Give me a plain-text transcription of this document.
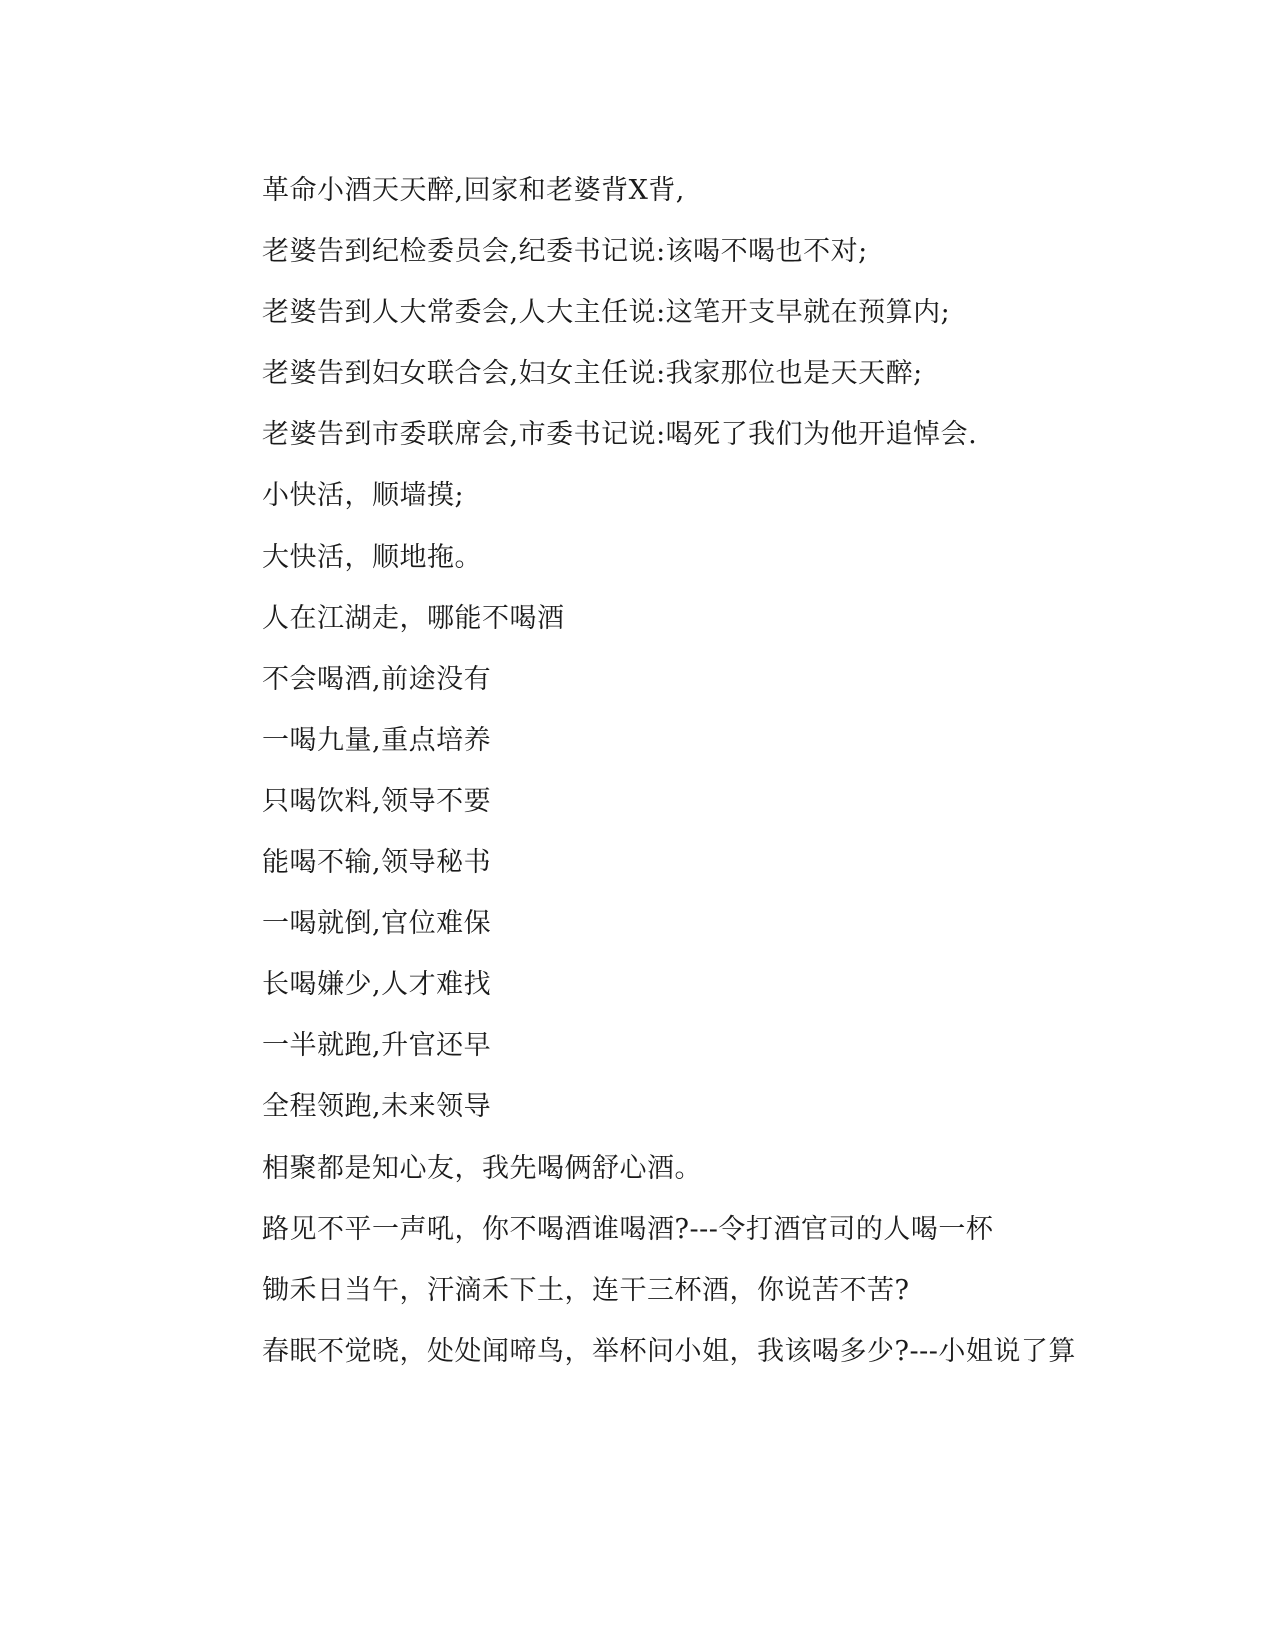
革命小酒天天醉,回家和老婆背X背,
老婆告到纪检委员会,纪委书记说:该喝不喝也不对;
老婆告到人大常委会,人大主任说:这笔开支早就在预算内;
老婆告到妇女联合会,妇女主任说:我家那位也是天天醉;
老婆告到市委联席会,市委书记说:喝死了我们为他开追悼会.
小快活，顺墙摸;
大快活，顺地拖。
人在江湖走，哪能不喝酒
不会喝酒,前途没有
一喝九量,重点培养
只喝饮料,领导不要
能喝不输,领导秘书
一喝就倒,官位难保
长喝嫌少,人才难找
一半就跑,升官还早
全程领跑,未来领导
相聚都是知心友，我先喝俩舒心酒。
路见不平一声吼，你不喝酒谁喝酒?---令打酒官司的人喝一杯
锄禾日当午，汗滴禾下土，连干三杯酒，你说苦不苦?
春眠不觉晓，处处闻啼鸟，举杯问小姐，我该喝多少?---小姐说了算
